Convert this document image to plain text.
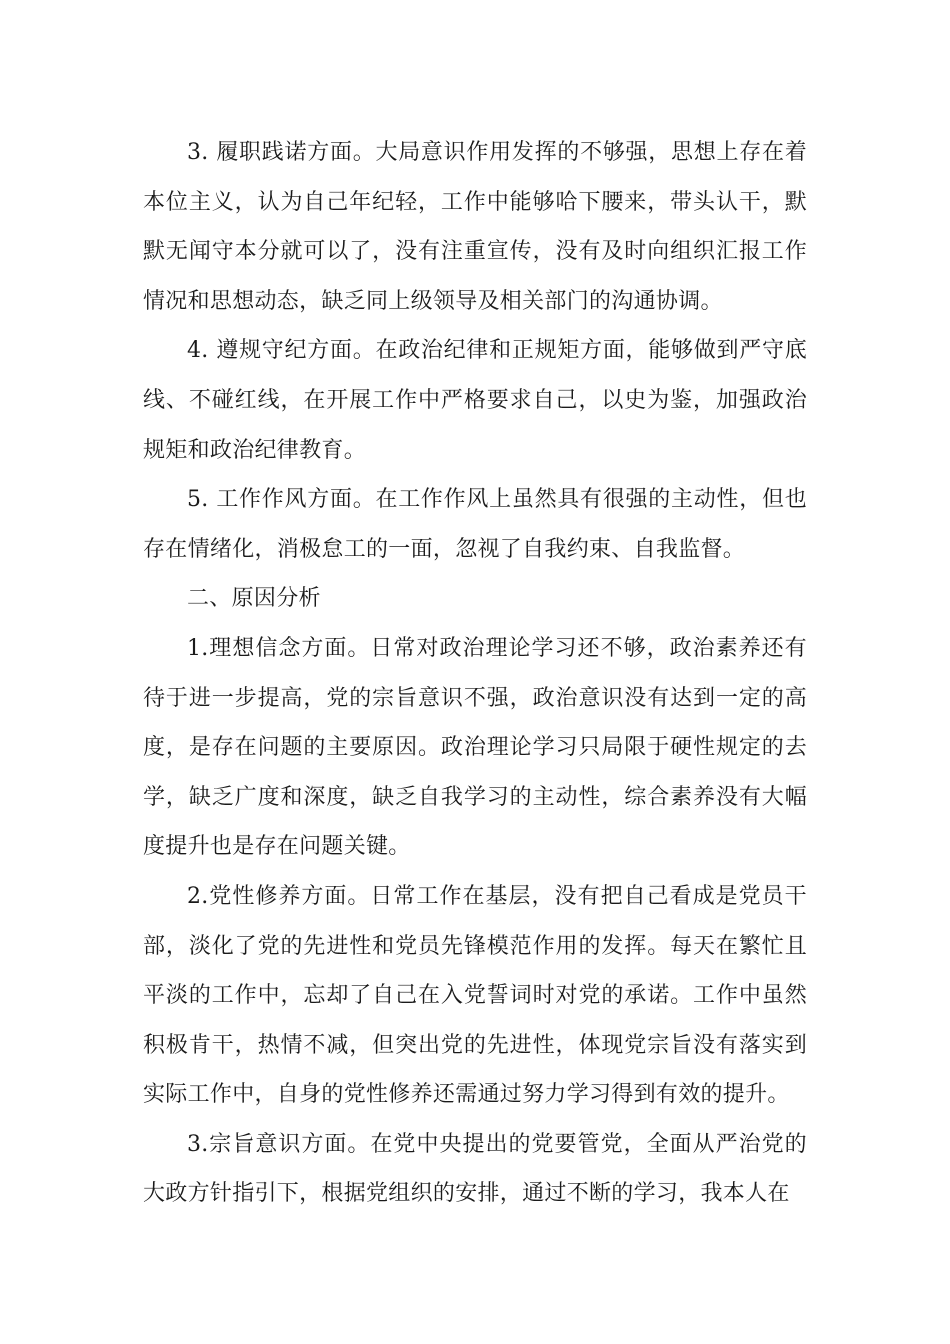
3. 履职践诺方面。大局意识作用发挥的不够强，思想上存在着本位主义，认为自己年纪轻，工作中能够哈下腰来，带头认干，默默无闻守本分就可以了，没有注重宣传，没有及时向组织汇报工作情况和思想动态，缺乏同上级领导及相关部门的沟通协调。

4. 遵规守纪方面。在政治纪律和正规矩方面，能够做到严守底线、不碰红线，在开展工作中严格要求自己，以史为鉴，加强政治规矩和政治纪律教育。

5. 工作作风方面。在工作作风上虽然具有很强的主动性，但也存在情绪化，消极怠工的一面，忽视了自我约束、自我监督。

二、原因分析

1.理想信念方面。日常对政治理论学习还不够，政治素养还有待于进一步提高，党的宗旨意识不强，政治意识没有达到一定的高度，是存在问题的主要原因。政治理论学习只局限于硬性规定的去学，缺乏广度和深度，缺乏自我学习的主动性，综合素养没有大幅度提升也是存在问题关键。

2.党性修养方面。日常工作在基层，没有把自己看成是党员干部，淡化了党的先进性和党员先锋模范作用的发挥。每天在繁忙且平淡的工作中，忘却了自己在入党誓词时对党的承诺。工作中虽然积极肯干，热情不减，但突出党的先进性，体现党宗旨没有落实到实际工作中，自身的党性修养还需通过努力学习得到有效的提升。

3.宗旨意识方面。在党中央提出的党要管党，全面从严治党的大政方针指引下，根据党组织的安排，通过不断的学习，我本人在
